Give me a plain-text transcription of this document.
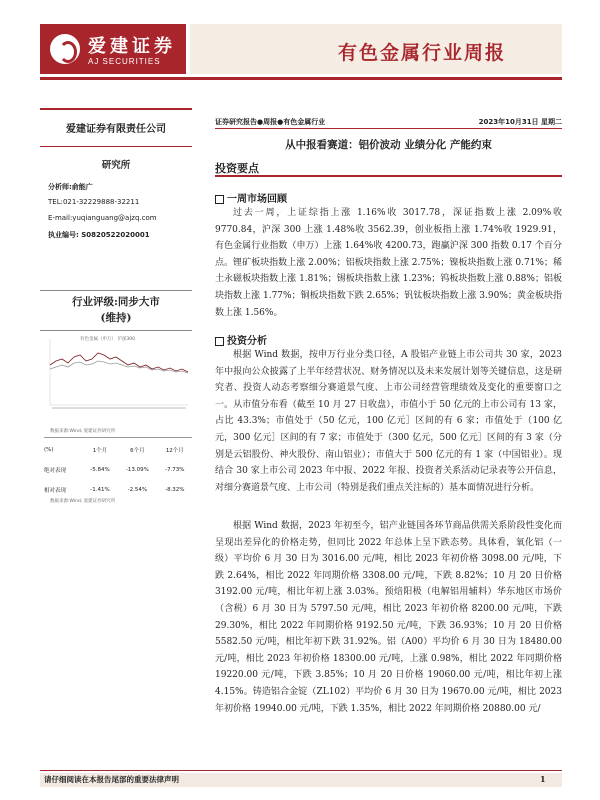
爱建证券
AJ SECURITIES	有色金属行业周报
爱建证券有限责任公司
研究所
分析师:俞能广
TEL:021-32229888-32211
E-mail:yuqianguang@ajzq.com
执业编号: S0820522020001
行业评级:同步大市
(维持)
有色金属（申万） 沪深300
数据来源:Wind, 爱建证券研究所
(%)	1个月	6个月	12个月
绝对表现	-5.84%	-13.09%	-7.73%
相对表现	-1.41%	-2.54%	-8.32%
数据来源:Wind, 爱建证券研究所
证券研究报告●周报●有色金属行业	2023年10月31日 星期二
从中报看赛道：铝价波动 业绩分化 产能约束
投资要点
一周市场回顾

过去一周，上证综指上涨 1.16%收 3017.78，深证指数上涨 2.09%收 9770.84，沪深 300 上涨 1.48%收 3562.39，创业板指上涨 1.74%收 1929.91，有色金属行业指数（申万）上涨 1.64%收 4200.73，跑赢沪深 300 指数 0.17 个百分点。锂矿板块指数上涨 2.00%；铝板块指数上涨 2.75%；镍板块指数上涨 0.71%；稀土永磁板块指数上涨 1.81%；锡板块指数上涨 1.23%；钨板块指数上涨 0.88%；铝板块指数上涨 1.77%；铜板块指数下跌 2.65%；钒钛板块指数上涨 3.90%；黄金板块指数上涨 1.56%。

投资分析

根据 Wind 数据，按申万行业分类口径，A 股铝产业链上市公司共 30 家，2023 年中报向公众披露了上半年经营状况、财务情况以及未来发展计划等关键信息，这是研究者、投资人动态考察细分赛道景气度、上市公司经营管理绩效及变化的重要窗口之一。从市值分布看（截至 10 月 27 日收盘），市值小于 50 亿元的上市公司有 13 家，占比 43.3%；市值处于（50 亿元，100 亿元］区间的有 6 家；市值处于（100 亿元，300 亿元］区间的有 7 家；市值处于（300 亿元，500 亿元］区间的有 3 家（分别是云铝股份、神火股份、南山铝业）；市值大于 500 亿元的有 1 家（中国铝业）。现结合 30 家上市公司 2023 年中报、2022 年报、投资者关系活动记录表等公开信息，对细分赛道景气度、上市公司（特别是我们重点关注标的）基本面情况进行分析。

根据 Wind 数据，2023 年初至今，铝产业链国各环节商品供需关系阶段性变化而呈现出差异化的价格走势，但同比 2022 年总体上呈下跌态势。具体看，氧化铝（一级）平均价 6 月 30 日为 3016.00 元/吨，相比 2023 年初价格 3098.00 元/吨，下跌 2.64%，相比 2022 年同期价格 3308.00 元/吨，下跌 8.82%；10 月 20 日价格 3192.00 元/吨，相比年初上涨 3.03%。预焙阳极（电解铝用辅料）华东地区市场价（含税）6 月 30 日为 5797.50 元/吨，相比 2023 年初价格 8200.00 元/吨，下跌 29.30%，相比 2022 年同期价格 9192.50 元/吨，下跌 36.93%；10 月 20 日价格 5582.50 元/吨，相比年初下跌 31.92%。铝（A00）平均价 6 月 30 日为 18480.00 元/吨，相比 2023 年初价格 18300.00 元/吨，上涨 0.98%，相比 2022 年同期价格 19220.00 元/吨，下跌 3.85%；10 月 20 日价格 19060.00 元/吨，相比年初上涨 4.15%。铸造铝合金锭（ZL102）平均价 6 月 30 日为 19670.00 元/吨，相比 2023 年初价格 19940.00 元/吨，下跌 1.35%，相比 2022 年同期价格 20880.00 元/

请仔细阅读在本报告尾部的重要法律声明	1
